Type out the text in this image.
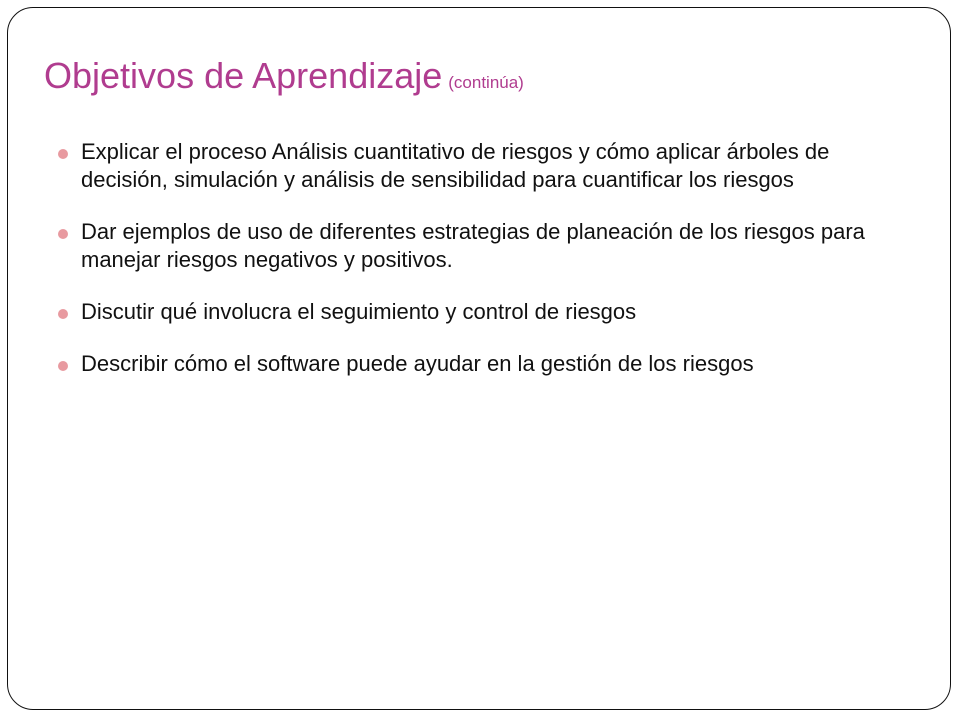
Objetivos de Aprendizaje (continúa)
Explicar el proceso Análisis cuantitativo de riesgos y cómo aplicar árboles de decisión, simulación y análisis de sensibilidad para cuantificar los riesgos
Dar ejemplos de uso de diferentes estrategias de planeación de los riesgos para manejar riesgos negativos y positivos.
Discutir qué involucra el seguimiento y control de riesgos
Describir cómo el software puede ayudar en la gestión de los riesgos
